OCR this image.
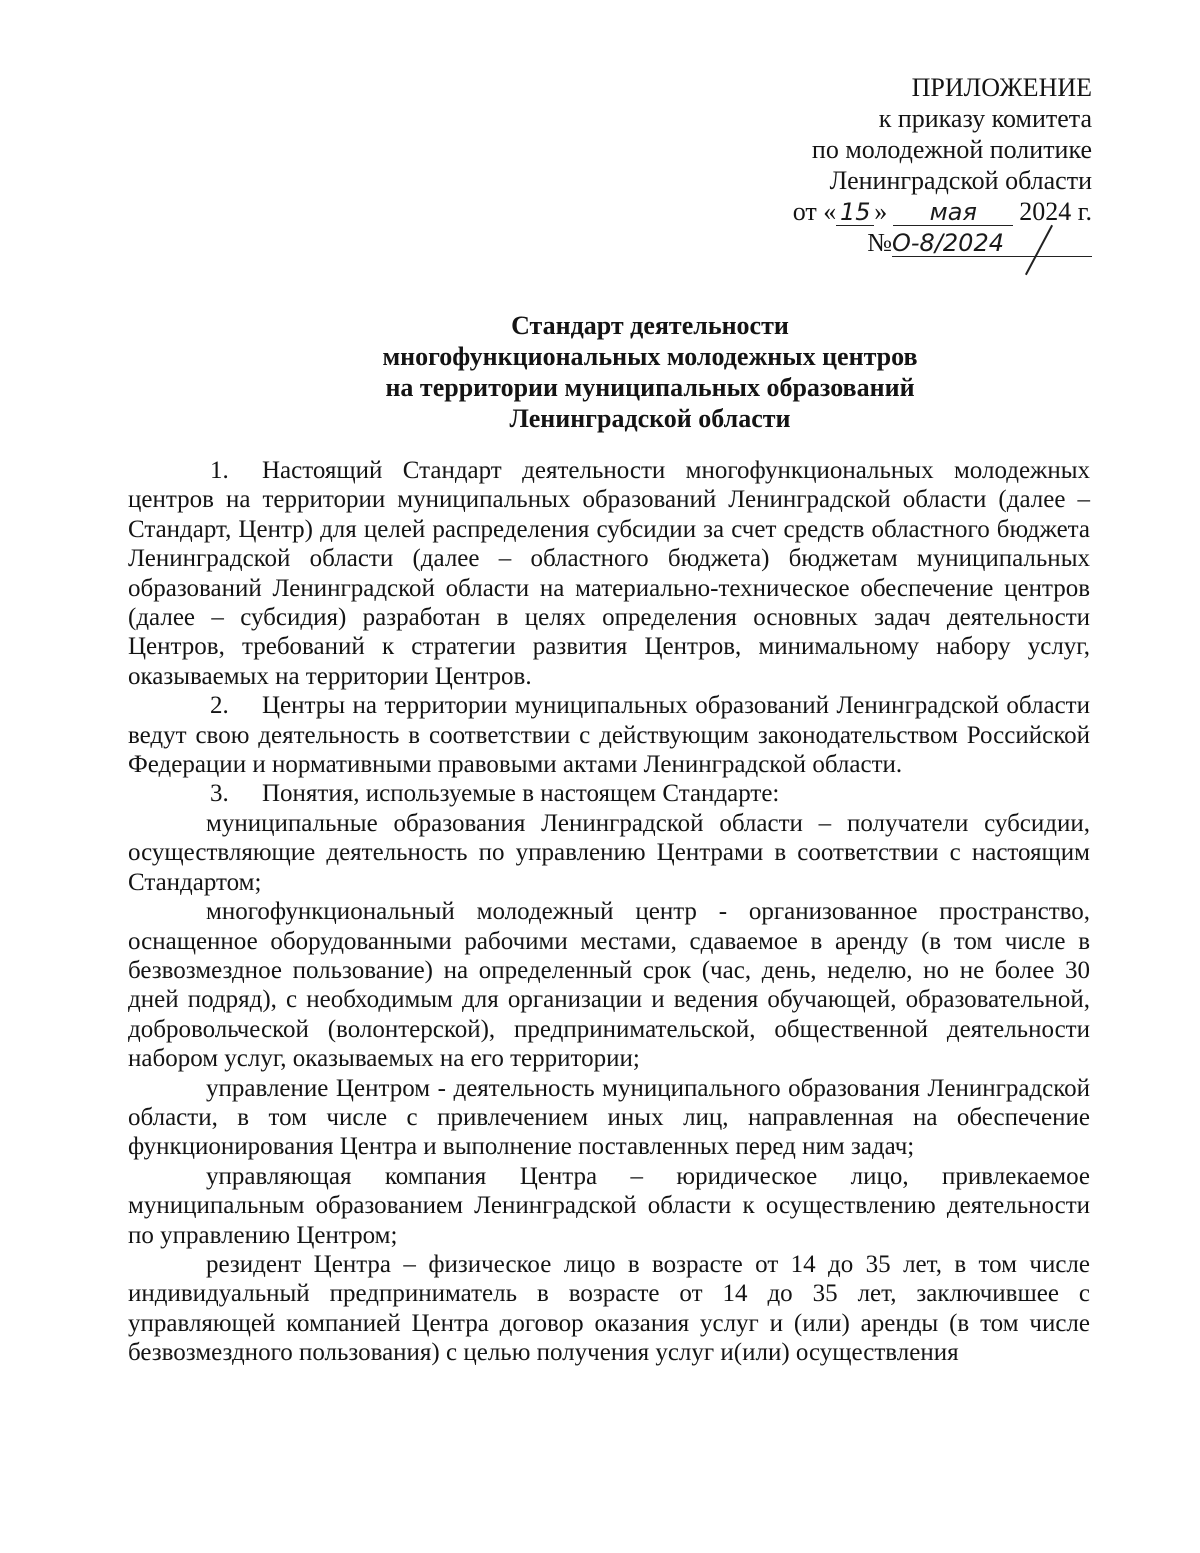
ПРИЛОЖЕНИЕ
к приказу комитета
по молодежной политике
Ленинградской области
от « 15 » мая 2024 г.
№О-8/2024
Стандарт деятельности
многофункциональных молодежных центров
на территории муниципальных образований
Ленинградской области

1. Настоящий Стандарт деятельности многофункциональных молодежных центров на территории муниципальных образований Ленинградской области (далее – Стандарт, Центр) для целей распределения субсидии за счет средств областного бюджета Ленинградской области (далее – областного бюджета) бюджетам муниципальных образований Ленинградской области на материально-техническое обеспечение центров (далее – субсидия) разработан в целях определения основных задач деятельности Центров, требований к стратегии развития Центров, минимальному набору услуг, оказываемых на территории Центров.

2. Центры на территории муниципальных образований Ленинградской области ведут свою деятельность в соответствии с действующим законодательством Российской Федерации и нормативными правовыми актами Ленинградской области.

3. Понятия, используемые в настоящем Стандарте:

муниципальные образования Ленинградской области – получатели субсидии, осуществляющие деятельность по управлению Центрами в соответствии с настоящим Стандартом;

многофункциональный молодежный центр - организованное пространство, оснащенное оборудованными рабочими местами, сдаваемое в аренду (в том числе в безвозмездное пользование) на определенный срок (час, день, неделю, но не более 30 дней подряд), с необходимым для организации и ведения обучающей, образовательной, добровольческой (волонтерской), предпринимательской, общественной деятельности набором услуг, оказываемых на его территории;

управление Центром - деятельность муниципального образования Ленинградской области, в том числе с привлечением иных лиц, направленная на обеспечение функционирования Центра и выполнение поставленных перед ним задач;

управляющая компания Центра – юридическое лицо, привлекаемое муниципальным образованием Ленинградской области к осуществлению деятельности по управлению Центром;

резидент Центра – физическое лицо в возрасте от 14 до 35 лет, в том числе индивидуальный предприниматель в возрасте от 14 до 35 лет, заключившее с управляющей компанией Центра договор оказания услуг и (или) аренды (в том числе безвозмездного пользования) с целью получения услуг и(или) осуществления
